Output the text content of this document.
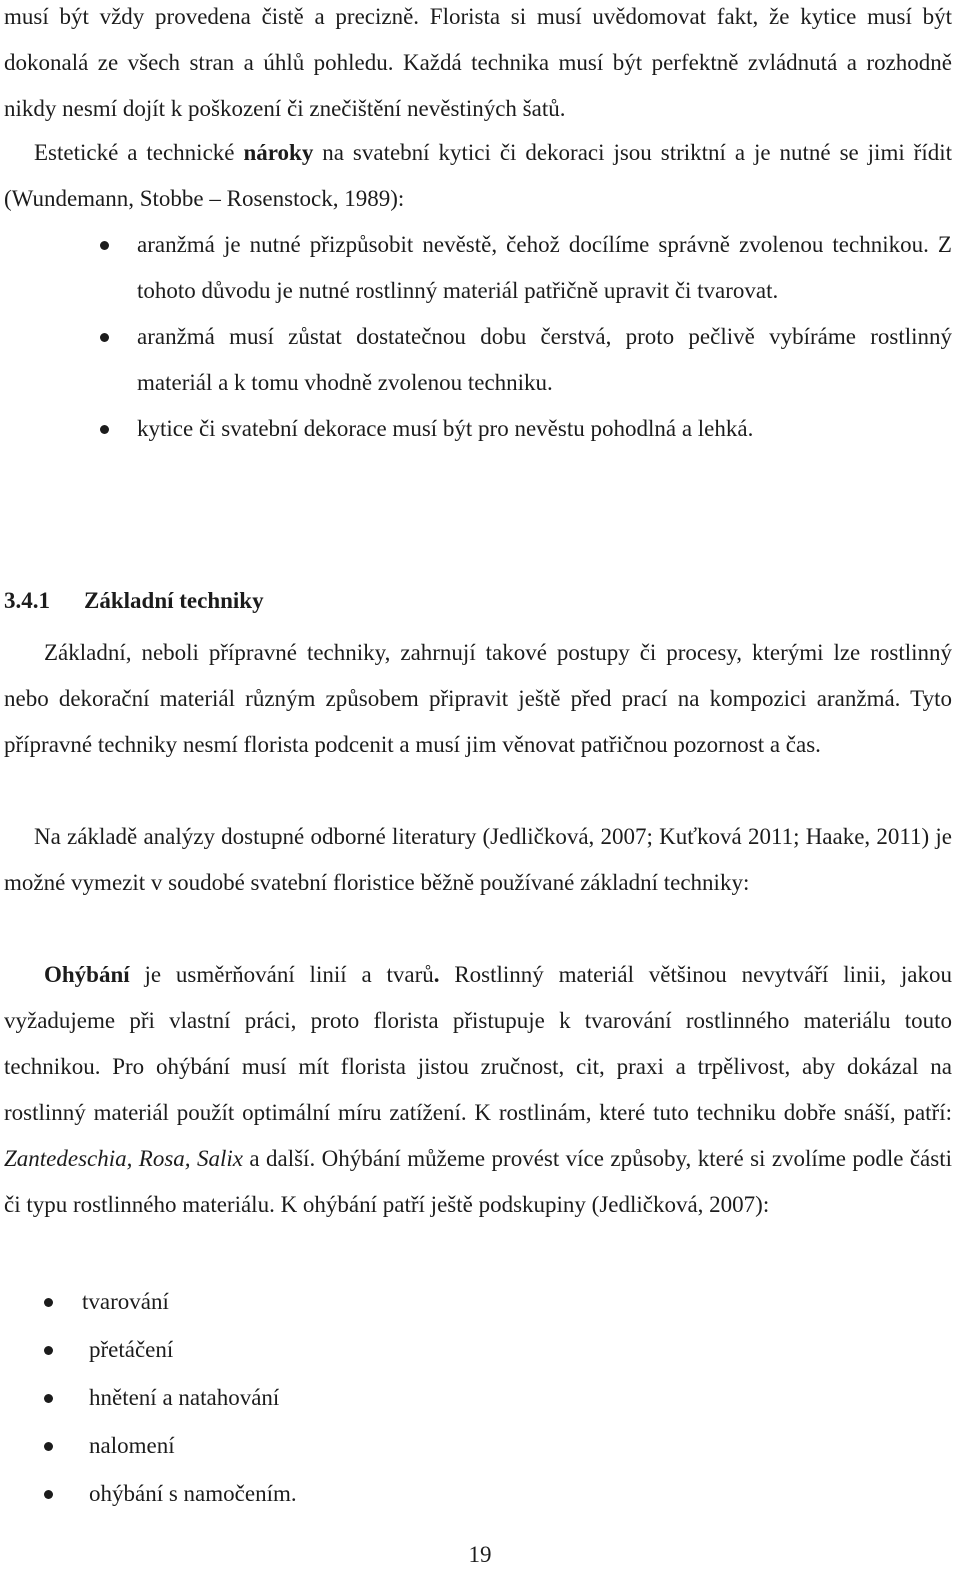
musí být vždy provedena čistě a precizně. Florista si musí uvědomovat fakt, že kytice musí být dokonalá ze všech stran a úhlů pohledu. Každá technika musí být perfektně zvládnutá a rozhodně nikdy nesmí dojít k poškození či znečištění nevěstiných šatů.

Estetické a technické nároky na svatební kytici či dekoraci jsou striktní a je nutné se jimi řídit (Wundemann, Stobbe – Rosenstock, 1989):

aranžmá je nutné přizpůsobit nevěstě, čehož docílíme správně zvolenou technikou. Z tohoto důvodu je nutné rostlinný materiál patřičně upravit či tvarovat.
aranžmá musí zůstat dostatečnou dobu čerstvá, proto pečlivě vybíráme rostlinný materiál a k tomu vhodně zvolenou techniku.
kytice či svatební dekorace musí být pro nevěstu pohodlná a lehká.
3.4.1 Základní techniky

Základní, neboli přípravné techniky, zahrnují takové postupy či procesy, kterými lze rostlinný nebo dekorační materiál různým způsobem připravit ještě před prací na kompozici aranžmá. Tyto přípravné techniky nesmí florista podcenit a musí jim věnovat patřičnou pozornost a čas.

Na základě analýzy dostupné odborné literatury (Jedličková, 2007; Kuťková 2011; Haake, 2011) je možné vymezit v soudobé svatební floristice běžně používané základní techniky:

Ohýbání je usměrňování linií a tvarů. Rostlinný materiál většinou nevytváří linii, jakou vyžadujeme při vlastní práci, proto florista přistupuje k tvarování rostlinného materiálu touto technikou. Pro ohýbání musí mít florista jistou zručnost, cit, praxi a trpělivost, aby dokázal na rostlinný materiál použít optimální míru zatížení. K rostlinám, které tuto techniku dobře snáší, patří: Zantedeschia, Rosa, Salix a další. Ohýbání můžeme provést více způsoby, které si zvolíme podle části či typu rostlinného materiálu. K ohýbání patří ještě podskupiny (Jedličková, 2007):

tvarování
přetáčení
hnětení a natahování
nalomení
ohýbání s namočením.
19
